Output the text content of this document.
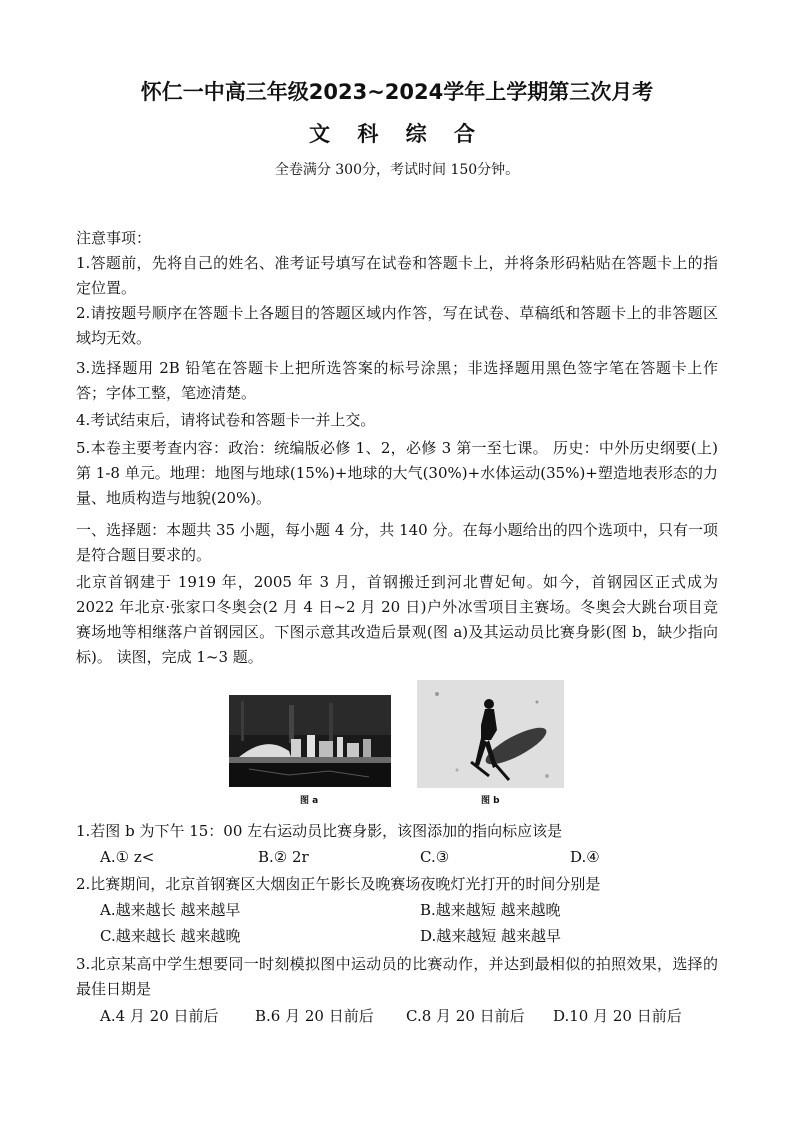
怀仁一中高三年级2023~2024学年上学期第三次月考
文 科 综 合
全卷满分 300分，考试时间 150分钟。
注意事项：
1.答题前，先将自己的姓名、准考证号填写在试卷和答题卡上，并将条形码粘贴在答题卡上的指定位置。
2.请按题号顺序在答题卡上各题目的答题区域内作答，写在试卷、草稿纸和答题卡上的非答题区域均无效。
3.选择题用 2B 铅笔在答题卡上把所选答案的标号涂黑；非选择题用黑色签字笔在答题卡上作答；字体工整，笔迹清楚。
4.考试结束后，请将试卷和答题卡一并上交。
5.本卷主要考查内容：政治：统编版必修 1、2，必修 3 第一至七课。 历史：中外历史纲要(上)第 1-8 单元。地理：地图与地球(15%)+地球的大气(30%)+水体运动(35%)+塑造地表形态的力量、地质构造与地貌(20%)。
一、选择题：本题共 35 小题，每小题 4 分，共 140 分。在每小题给出的四个选项中，只有一项是符合题目要求的。
北京首钢建于 1919 年，2005 年 3 月，首钢搬迁到河北曹妃甸。如今，首钢园区正式成为2022 年北京·张家口冬奥会(2 月 4 日~2 月 20 日)户外冰雪项目主赛场。冬奥会大跳台项目竞赛场地等相继落户首钢园区。下图示意其改造后景观(图 a)及其运动员比赛身影(图 b，缺少指向标)。 读图，完成 1~3 题。
图 a	图 b
1.若图 b 为下午 15：00 左右运动员比赛身影，该图添加的指向标应该是
A.① z<	B.② 2r	C.③	D.④
2.比赛期间，北京首钢赛区大烟囱正午影长及晚赛场夜晚灯光打开的时间分别是
A.越来越长 越来越早	B.越来越短 越来越晚
C.越来越长 越来越晚	D.越来越短 越来越早
3.北京某高中学生想要同一时刻模拟图中运动员的比赛动作，并达到最相似的拍照效果，选择的最佳日期是
A.4 月 20 日前后 B.6 月 20 日前后 C.8 月 20 日前后 D.10 月 20 日前后
